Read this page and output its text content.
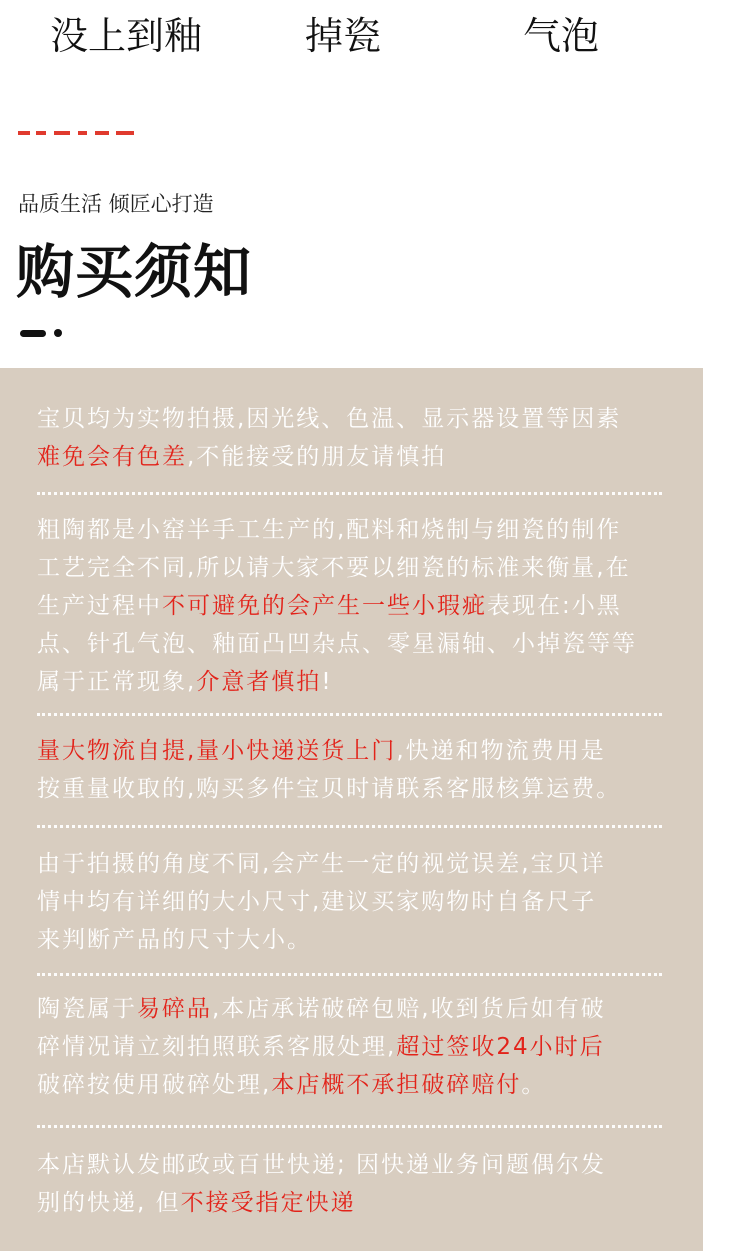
没上到釉	掉瓷	气泡
品质生活 倾匠心打造
购买须知
宝贝均为实物拍摄,因光线、色温、显示器设置等因素
难免会有色差,不能接受的朋友请慎拍
粗陶都是小窑半手工生产的,配料和烧制与细瓷的制作
工艺完全不同,所以请大家不要以细瓷的标准来衡量,在
生产过程中不可避免的会产生一些小瑕疵表现在:小黑
点、针孔气泡、釉面凸凹杂点、零星漏轴、小掉瓷等等
属于正常现象,介意者慎拍!
量大物流自提,量小快递送货上门,快递和物流费用是
按重量收取的,购买多件宝贝时请联系客服核算运费。
由于拍摄的角度不同,会产生一定的视觉误差,宝贝详
情中均有详细的大小尺寸,建议买家购物时自备尺子
来判断产品的尺寸大小。
陶瓷属于易碎品,本店承诺破碎包赔,收到货后如有破
碎情况请立刻拍照联系客服处理,超过签收24小时后
破碎按使用破碎处理,本店概不承担破碎赔付。
本店默认发邮政或百世快递; 因快递业务问题偶尔发
别的快递, 但不接受指定快递
